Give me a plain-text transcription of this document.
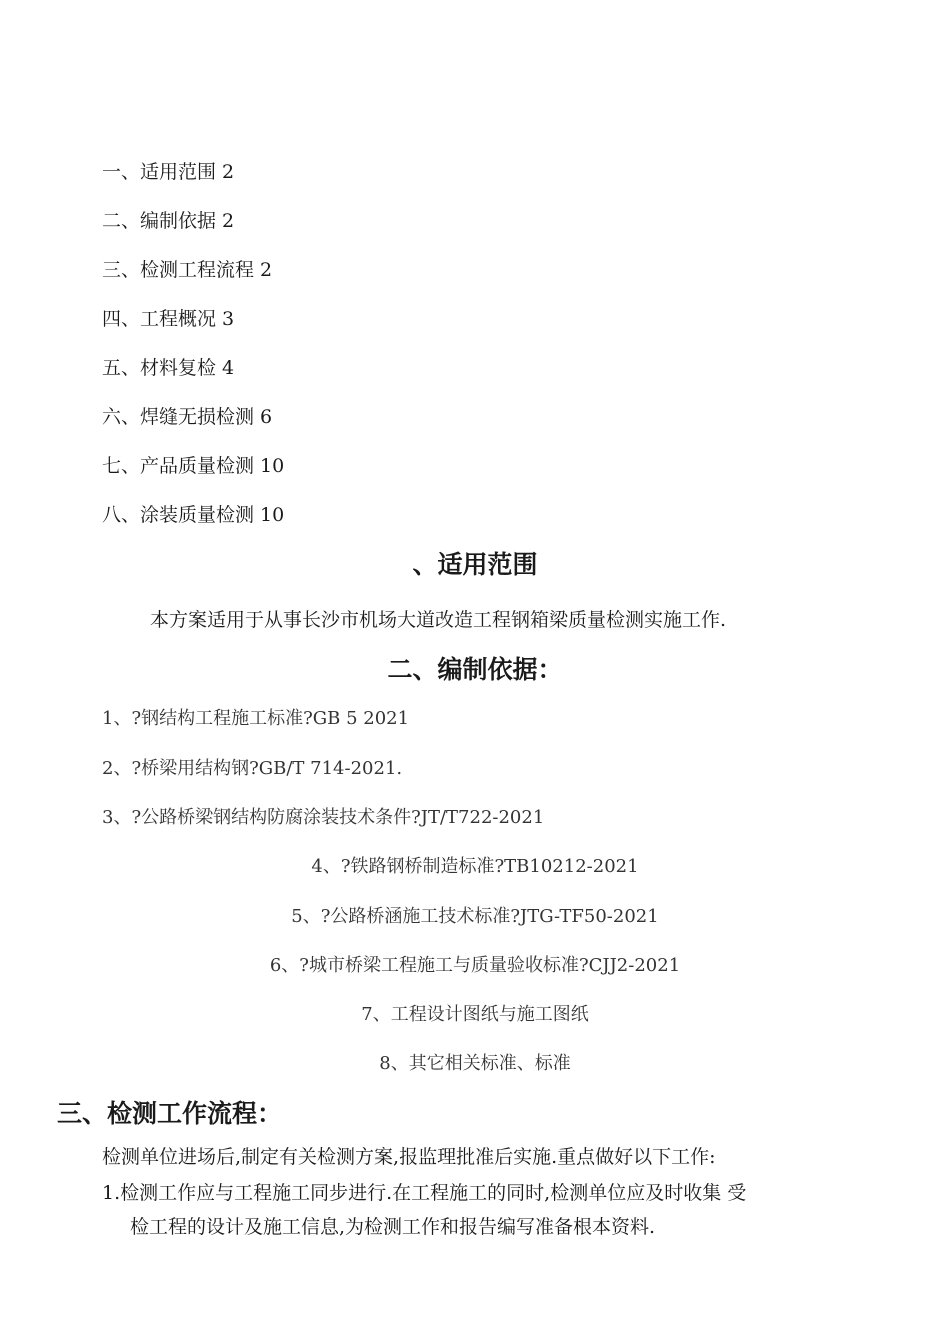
一、适用范围 2
二、编制依据 2
三、检测工程流程 2
四、工程概况 3
五、材料复检 4
六、焊缝无损检测 6
七、产品质量检测 10
八、涂装质量检测 10
、适用范围
本方案适用于从事长沙市机场大道改造工程钢箱梁质量检测实施工作.
二、编制依据：
1、?钢结构工程施工标准?GB 5 2021
2、?桥梁用结构钢?GB/T 714-2021.
3、?公路桥梁钢结构防腐涂装技术条件?JT/T722-2021
4、?铁路钢桥制造标准?TB10212-2021
5、?公路桥涵施工技术标准?JTG-TF50-2021
6、?城市桥梁工程施工与质量验收标准?CJJ2-2021
7、工程设计图纸与施工图纸
8、其它相关标准、标准
三、检测工作流程：
检测单位进场后,制定有关检测方案,报监理批准后实施.重点做好以下工作:
1.检测工作应与工程施工同步进行.在工程施工的同时,检测单位应及时收集 受
检工程的设计及施工信息,为检测工作和报告编写准备根本资料.
